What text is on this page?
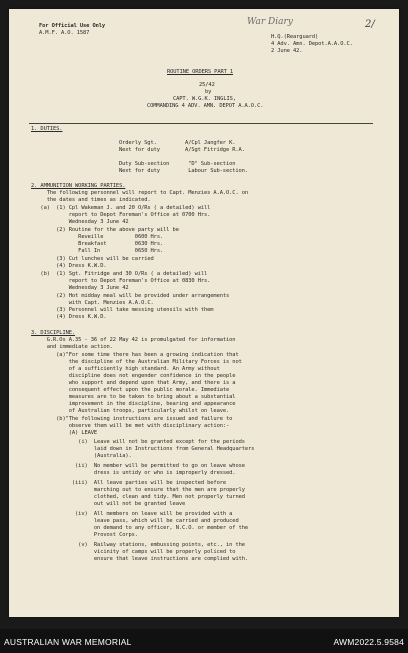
For Official Use Only
A.M.F. A.O. 1587
War Diary	2/
H.Q.(Rearguard)
4 Adv. Amn. Depot.A.A.O.C.
2 June 42.
ROUTINE ORDERS PART 1
25/42
by
CAPT. W.G.K. INGLIS,
COMMANDING 4 ADV. AMN. DEPOT A.A.O.C.
1. DUTIES.
Orderly Sgt.         A/Cpl Jangfer K.
Next for duty        A/Sgt Fitridge R.A.
Duty Sub-section      "D" Sub-section
Next for duty         Labour Sub-section.
2. AMMUNITION WORKING PARTIES.
The following personnel will report to Capt. Menzies A.A.O.C. on
the dates and times as indicated.
(a)  (1) Cpl Wakeman J. and 20 O/Rs ( a detailed) will
report to Depot Foreman's Office at 0700 Hrs.
Wednesday 3 June 42
(2) Routine for the above party will be
Reveille          0600 Hrs.
Breakfast         0630 Hrs.
Fall In           0650 Hrs.
(3) Cut lunches will be carried
(4) Dress K.W.D.
(b)  (1) Sgt. Fitridge and 30 O/Rs ( a detailed) will
report to Depot Foreman's Office at 0830 Hrs.
Wednesday 3 June 42
(2) Hot midday meal will be provided under arrangements
with Capt. Menzies A.A.O.C.
(3) Personnel will take messing utensils with them
(4) Dress K.W.D.
3. DISCIPLINE.
G.R.Os A.35 - 36 of 22 May 42 is promulgated for information
and immediate action.
(a)"For some time there has been a growing indication that
the discipline of the Australian Military Forces is not
of a sufficiently high standard. An Army without
discipline does not engender confidence in the people
who support and depend upon that Army, and there is a
consequent effect upon the public morale. Immediate
measures are to be taken to bring about a substantial
improvement in the discipline, bearing and appearance
of Australian troops, particularly whilst on leave.
(b)"The following instructions are issued and failure to
observe them will be met with disciplinary action:-
(A) LEAVE
(i)  Leave will not be granted except for the periods
laid down in Instructions from General Headquarters
(Australia).
(ii)  No member will be permitted to go on leave whose
dress is untidy or who is improperly dressed.
(iii)  All leave parties will be inspected before
marching out to ensure that the men are properly
clothed, clean and tidy. Men not properly turned
out will not be granted leave
(iv)  All members on leave will be provided with a
leave pass, which will be carried and produced
on demand to any officer, N.C.O. or member of the
Provost Corps.
(v)  Railway stations, embussing points, etc., in the
vicinity of camps will be properly policed to
ensure that leave instructions are complied with.
AUSTRALIAN WAR MEMORIAL	AWM2022.5.9584
